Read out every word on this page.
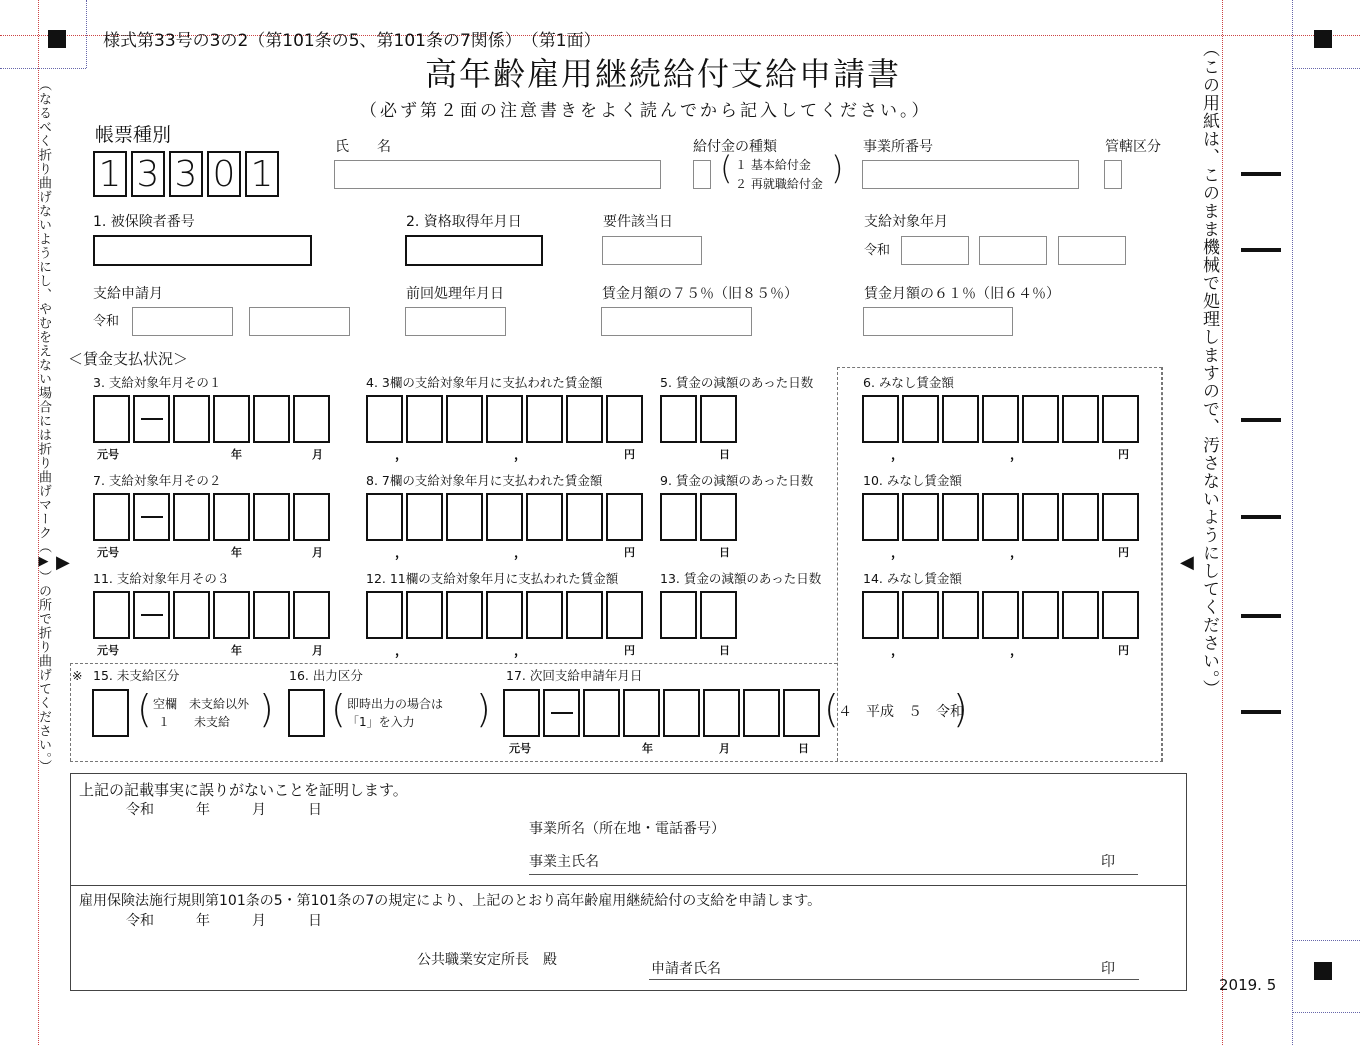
▶	◀
（なるべく折り曲げないようにし、やむをえない場合には折り曲げマーク（▶）の所で折り曲げてください。）	（この用紙は、このまま機械で処理しますので、汚さないようにしてください。）
様式第33号の3の2（第101条の5、第101条の7関係）　（第1面）
高年齢雇用継続給付支給申請書
（必ず第２面の注意書きをよく読んでから記入してください。）
帳票種別
1 3 3 0 1
氏　　名	給付金の種類
( １ 基本給付金
２ 再就職給付金 )
事業所番号	管轄区分
1. 被保険者番号	2. 資格取得年月日	要件該当日	支給対象年月
令和
支給申請月
令和
前回処理年月日	賃金月額の７５％（旧８５％）	賃金月額の６１％（旧６４％）
＜賃金支払状況＞
3. 支給対象年月その１
元号	年	月
4. 3欄の支給対象年月に支払われた賃金額
，	，	円
5. 賃金の減額のあった日数
日
6. みなし賃金額
，	，	円
7. 支給対象年月その２
元号	年	月
8. 7欄の支給対象年月に支払われた賃金額
，	，	円
9. 賃金の減額のあった日数
日
10. みなし賃金額
，	，	円
11. 支給対象年月その３
元号	年	月
12. 11欄の支給対象年月に支払われた賃金額
，	，	円
13. 賃金の減額のあった日数
日
14. みなし賃金額
，	，	円
※ 15. 未支給区分
( 空欄　未支給以外
１　　未支給 )
16. 出力区分
( 即時出力の場合は
「1」を入力 )
17. 次回支給申請年月日
元号	年	月	日
( ４　平成　５　令和
)
上記の記載事実に誤りがないことを証明します。
令和　　　年　　　月　　　日
事業所名（所在地・電話番号）
事業主氏名	印
雇用保険法施行規則第101条の5・第101条の7の規定により、上記のとおり高年齢雇用継続給付の支給を申請します。
令和　　　年　　　月　　　日
公共職業安定所長　殿
申請者氏名	印
2019. 5
